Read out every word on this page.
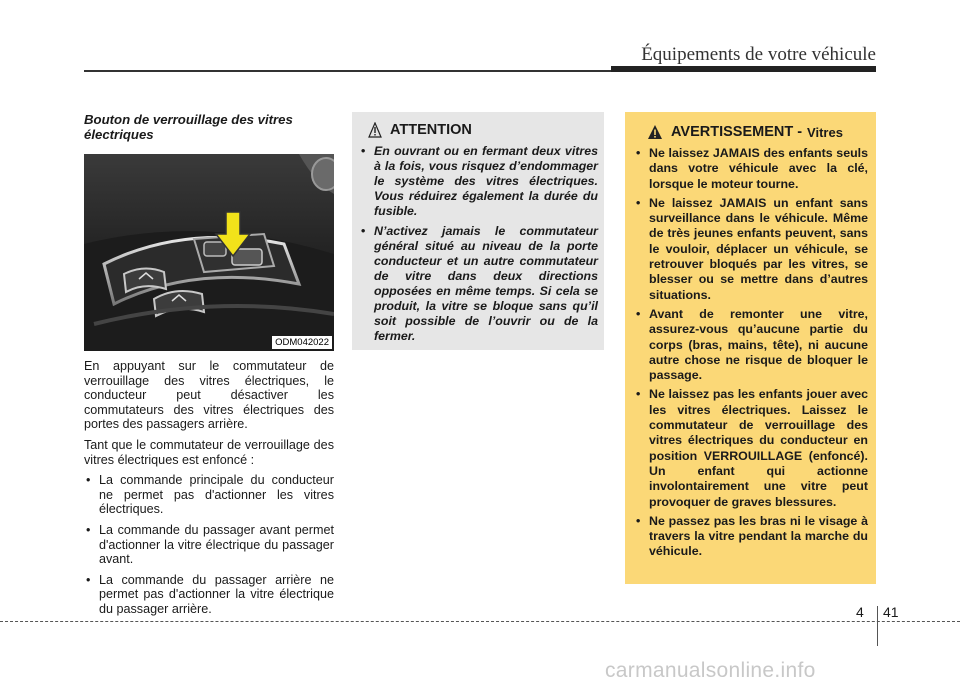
Équipements de votre véhicule
Bouton de verrouillage des vitres électriques
ODM042022

En appuyant sur le commutateur de verrouillage des vitres électriques, le conducteur peut désactiver les commutateurs des vitres électriques des portes des passagers arrière.

Tant que le commutateur de verrouillage des vitres électriques est enfoncé :

• La commande principale du conducteur ne permet pas d'actionner les vitres électriques.
• La commande du passager avant permet d'actionner la vitre électrique du passager avant.
• La commande du passager arrière ne permet pas d'actionner la vitre électrique du passager arrière.
ATTENTION
• En ouvrant ou en fermant deux vitres à la fois, vous risquez d’endommager le système des vitres électriques. Vous réduirez également la durée du fusible.
• N’activez jamais le commutateur général situé au niveau de la porte conducteur et un autre commutateur de vitre dans deux directions opposées en même temps. Si cela se produit, la vitre se bloque sans qu’il soit possible de l’ouvrir ou de la fermer.
AVERTISSEMENT - Vitres
• Ne laissez JAMAIS des enfants seuls dans votre véhicule avec la clé, lorsque le moteur tourne.
• Ne laissez JAMAIS un enfant sans surveillance dans le véhicule. Même de très jeunes enfants peuvent, sans le vouloir, déplacer un véhicule, se retrouver bloqués par les vitres, se blesser ou se mettre dans d’autres situations.
• Avant de remonter une vitre, assurez-vous qu’aucune partie du corps (bras, mains, tête), ni aucune autre chose ne risque de bloquer le passage.
• Ne laissez pas les enfants jouer avec les vitres électriques. Laissez le commutateur de verrouillage des vitres électriques du conducteur en position VERROUILLAGE (enfoncé). Un enfant qui actionne involontairement une vitre peut provoquer de graves blessures.
• Ne passez pas les bras ni le visage à travers la vitre pendant la marche du véhicule.
4 41
carmanualsonline.info
